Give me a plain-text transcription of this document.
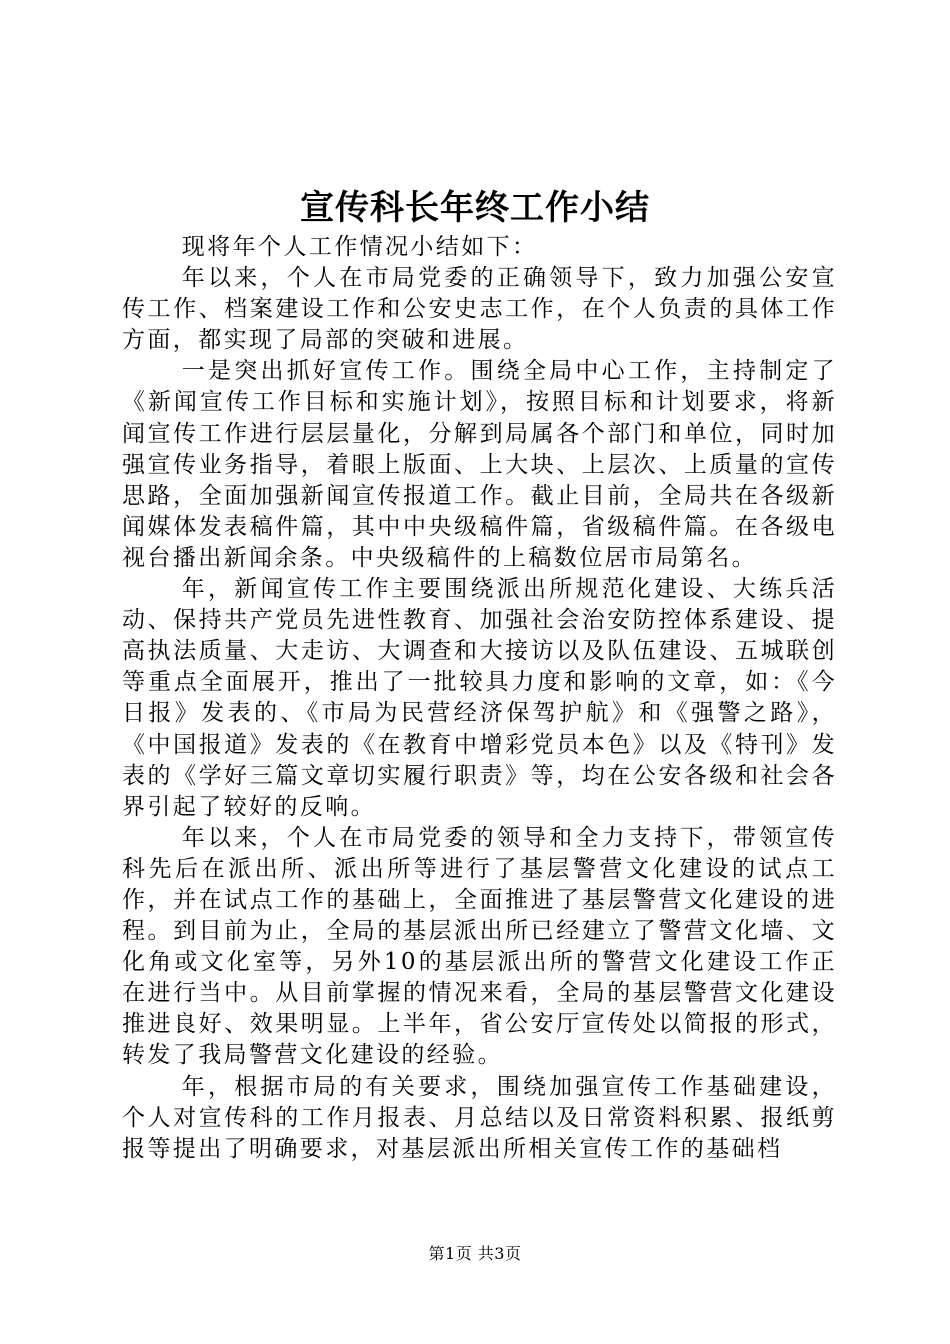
宣传科长年终工作小结

现将年个人工作情况小结如下：

年以来，个人在市局党委的正确领导下，致力加强公安宣传工作、档案建设工作和公安史志工作，在个人负责的具体工作方面，都实现了局部的突破和进展。

一是突出抓好宣传工作。围绕全局中心工作，主持制定了《新闻宣传工作目标和实施计划》，按照目标和计划要求，将新闻宣传工作进行层层量化，分解到局属各个部门和单位，同时加强宣传业务指导，着眼上版面、上大块、上层次、上质量的宣传思路，全面加强新闻宣传报道工作。截止目前，全局共在各级新闻媒体发表稿件篇，其中中央级稿件篇，省级稿件篇。在各级电视台播出新闻余条。中央级稿件的上稿数位居市局第名。

年，新闻宣传工作主要围绕派出所规范化建设、大练兵活动、保持共产党员先进性教育、加强社会治安防控体系建设、提高执法质量、大走访、大调查和大接访以及队伍建设、五城联创等重点全面展开，推出了一批较具力度和影响的文章，如：《今日报》发表的、《市局为民营经济保驾护航》和《强警之路》，《中国报道》发表的《在教育中增彩党员本色》以及《特刊》发表的《学好三篇文章切实履行职责》等，均在公安各级和社会各界引起了较好的反响。

年以来，个人在市局党委的领导和全力支持下，带领宣传科先后在派出所、派出所等进行了基层警营文化建设的试点工作，并在试点工作的基础上，全面推进了基层警营文化建设的进程。到目前为止，全局的基层派出所已经建立了警营文化墙、文化角或文化室等，另外10的基层派出所的警营文化建设工作正在进行当中。从目前掌握的情况来看，全局的基层警营文化建设推进良好、效果明显。上半年，省公安厅宣传处以简报的形式，转发了我局警营文化建设的经验。

年，根据市局的有关要求，围绕加强宣传工作基础建设，个人对宣传科的工作月报表、月总结以及日常资料积累、报纸剪报等提出了明确要求，对基层派出所相关宣传工作的基础档

第1页 共3页
